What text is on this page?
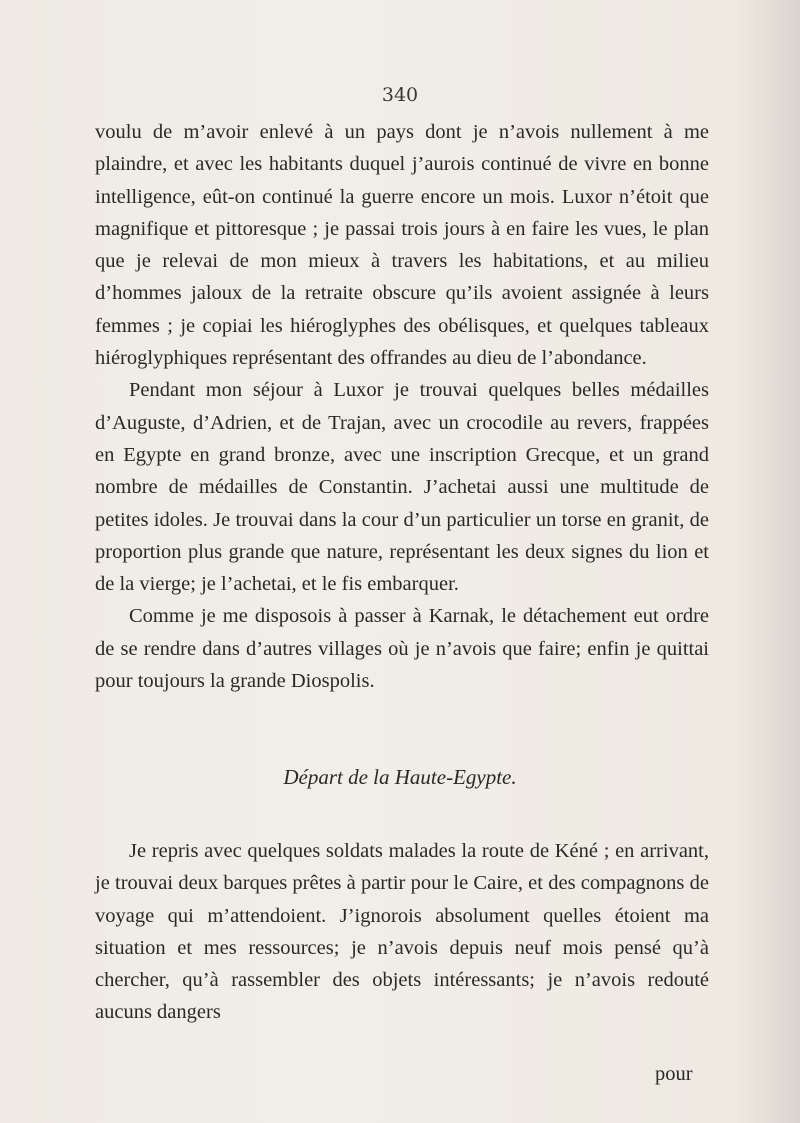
340

voulu de m’avoir enlevé à un pays dont je n’avois nullement à me plaindre, et avec les habitants duquel j’aurois continué de vivre en bonne intelligence, eût-on continué la guerre encore un mois. Luxor n’étoit que magnifique et pittoresque ; je passai trois jours à en faire les vues, le plan que je relevai de mon mieux à travers les habitations, et au milieu d’hommes jaloux de la retraite obscure qu’ils avoient assignée à leurs femmes ; je copiai les hiéroglyphes des obélisques, et quelques tableaux hiéroglyphiques représentant des offrandes au dieu de l’abondance.

Pendant mon séjour à Luxor je trouvai quelques belles médailles d’Auguste, d’Adrien, et de Trajan, avec un crocodile au revers, frappées en Egypte en grand bronze, avec une inscription Grecque, et un grand nombre de médailles de Constantin. J’achetai aussi une multitude de petites idoles. Je trouvai dans la cour d’un particulier un torse en granit, de proportion plus grande que nature, représentant les deux signes du lion et de la vierge; je l’achetai, et le fis embarquer.

Comme je me disposois à passer à Karnak, le détachement eut ordre de se rendre dans d’autres villages où je n’avois que faire; enfin je quittai pour toujours la grande Diospolis.

Départ de la Haute-Egypte.

Je repris avec quelques soldats malades la route de Kéné ; en arrivant, je trouvai deux barques prêtes à partir pour le Caire, et des compagnons de voyage qui m’attendoient. J’ignorois absolument quelles étoient ma situation et mes ressources; je n’avois depuis neuf mois pensé qu’à chercher, qu’à rassembler des objets intéressants; je n’avois redouté aucuns dangers

pour
